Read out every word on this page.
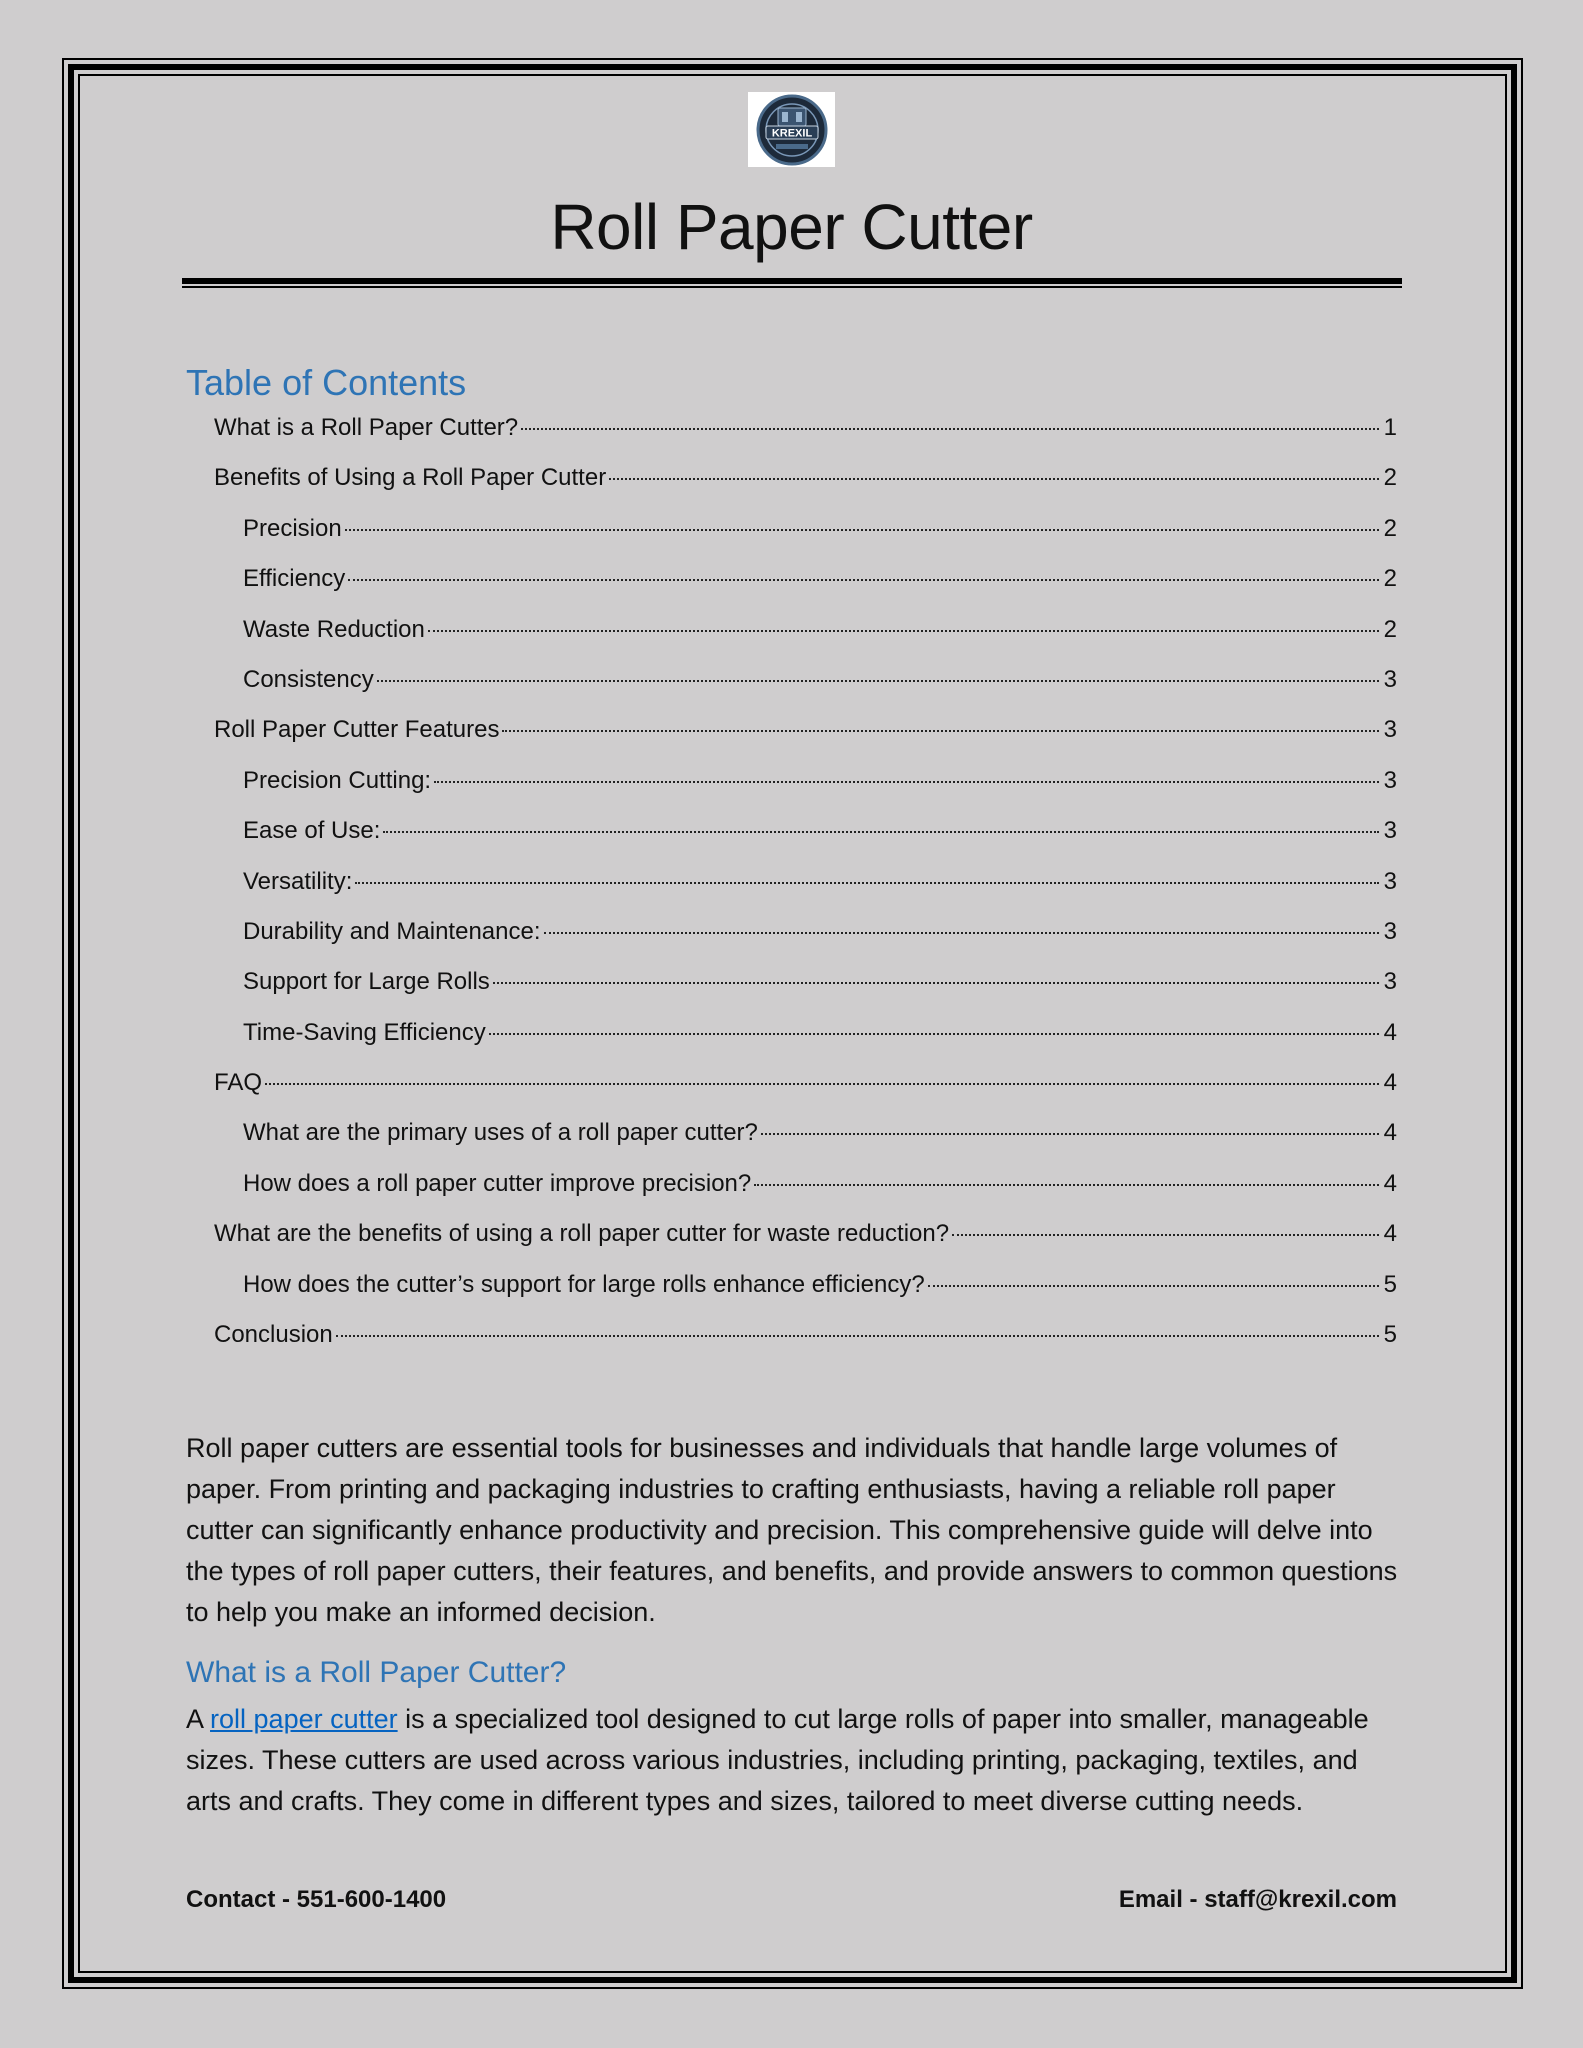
KREXIL
Roll Paper Cutter
Table of Contents
What is a Roll Paper Cutter?	1
Benefits of Using a Roll Paper Cutter	2
Precision	2
Efficiency	2
Waste Reduction	2
Consistency	3
Roll Paper Cutter Features	3
Precision Cutting:	3
Ease of Use:	3
Versatility:	3
Durability and Maintenance:	3
Support for Large Rolls	3
Time-Saving Efficiency	4
FAQ	4
What are the primary uses of a roll paper cutter?	4
How does a roll paper cutter improve precision?	4
What are the benefits of using a roll paper cutter for waste reduction?	4
How does the cutter’s support for large rolls enhance efficiency?	5
Conclusion	5

Roll paper cutters are essential tools for businesses and individuals that handle large volumes of paper. From printing and packaging industries to crafting enthusiasts, having a reliable roll paper cutter can significantly enhance productivity and precision. This comprehensive guide will delve into the types of roll paper cutters, their features, and benefits, and provide answers to common questions to help you make an informed decision.

What is a Roll Paper Cutter?

A roll paper cutter is a specialized tool designed to cut large rolls of paper into smaller, manageable sizes. These cutters are used across various industries, including printing, packaging, textiles, and arts and crafts. They come in different types and sizes, tailored to meet diverse cutting needs.

Contact - 551-600-1400	Email - staff@krexil.com
